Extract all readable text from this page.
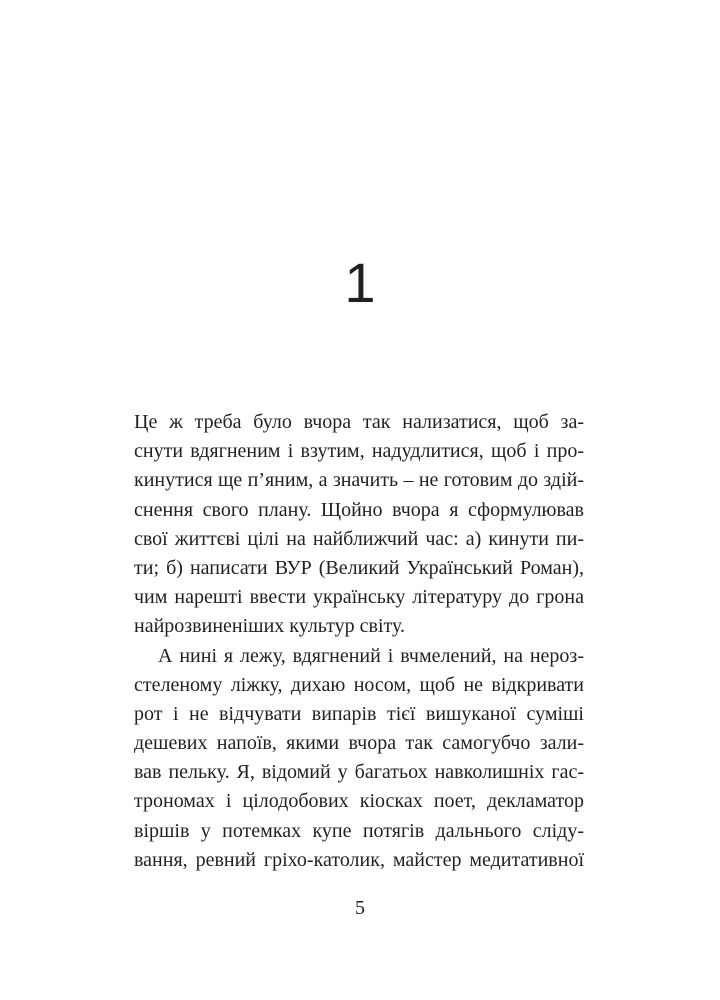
1
Це ж треба було вчора так нализатися, щоб за-
снути вдягненим і взутим, надудлитися, щоб і про-
кинутися ще п’яним, а значить – не готовим до здій-
снення свого плану. Щойно вчора я сформулював
свої життєві цілі на найближчий час: а) кинути пи-
ти; б) написати ВУР (Великий Український Роман),
чим нарешті ввести українську літературу до грона
найрозвиненіших культур світу.
А нині я лежу, вдягнений і вчмелений, на нероз-
стеленому ліжку, дихаю носом, щоб не відкривати
рот і не відчувати випарів тієї вишуканої суміші
дешевих напоїв, якими вчора так самогубчо зали-
вав пельку. Я, відомий у багатьох навколишніх гас-
трономах і цілодобових кіосках поет, декламатор
віршів у потемках купе потягів дальнього сліду-
вання, ревний гріхо-католик, майстер медитативної
5
